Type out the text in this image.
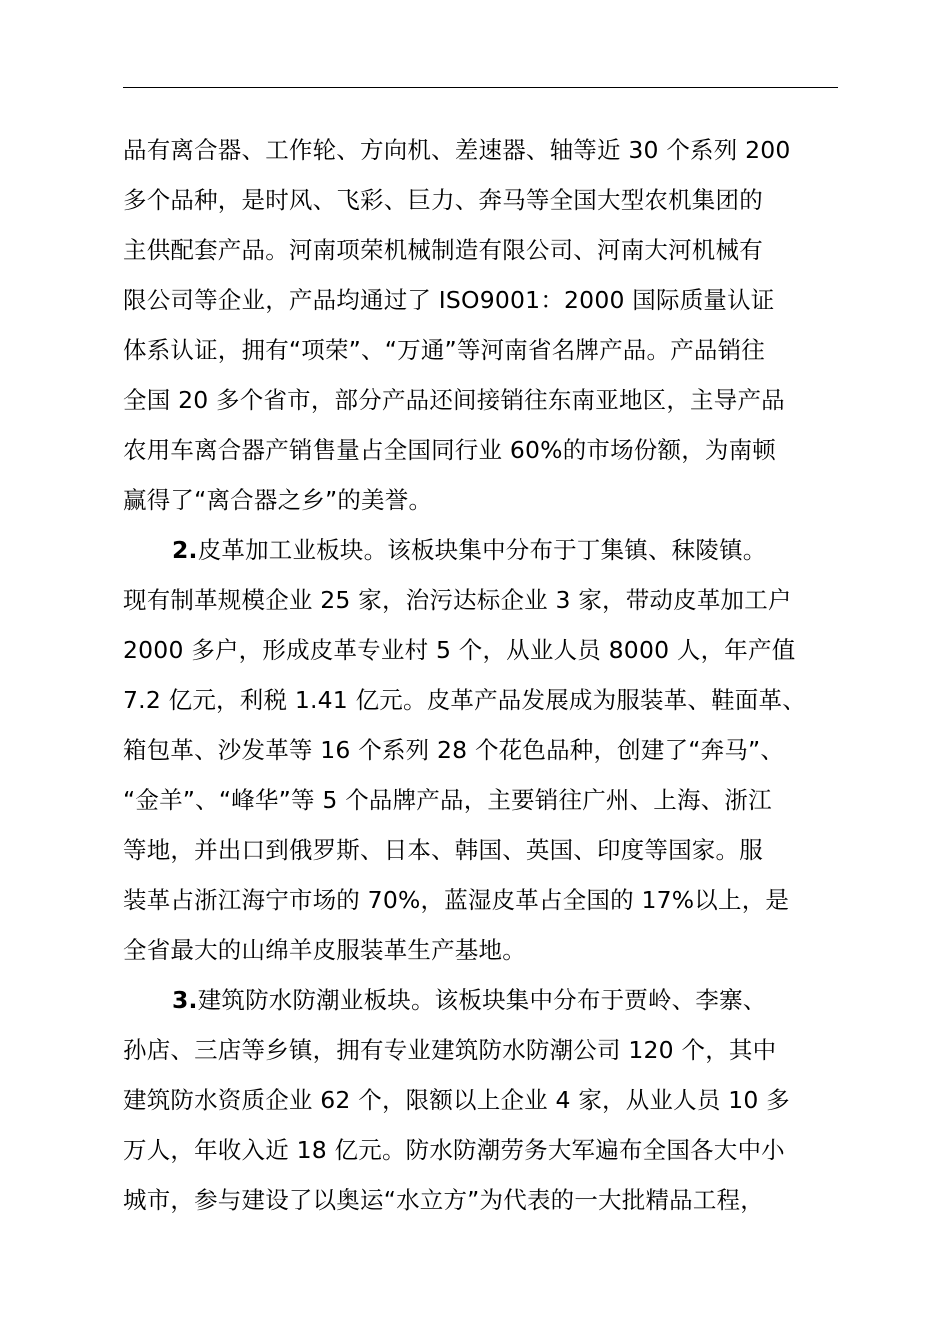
品有离合器、工作轮、方向机、差速器、轴等近 30 个系列 200
多个品种，是时风、飞彩、巨力、奔马等全国大型农机集团的
主供配套产品。河南项荣机械制造有限公司、河南大河机械有
限公司等企业，产品均通过了 ISO9001：2000 国际质量认证
体系认证，拥有“项荣”、“万通”等河南省名牌产品。产品销往
全国 20 多个省市，部分产品还间接销往东南亚地区，主导产品
农用车离合器产销售量占全国同行业 60%的市场份额，为南顿
赢得了“离合器之乡”的美誉。
2.皮革加工业板块。该板块集中分布于丁集镇、秣陵镇。
现有制革规模企业 25 家，治污达标企业 3 家，带动皮革加工户
2000 多户，形成皮革专业村 5 个，从业人员 8000 人，年产值
7.2 亿元，利税 1.41 亿元。皮革产品发展成为服装革、鞋面革、
箱包革、沙发革等 16 个系列 28 个花色品种，创建了“奔马”、
“金羊”、“峰华”等 5 个品牌产品，主要销往广州、上海、浙江
等地，并出口到俄罗斯、日本、韩国、英国、印度等国家。服
装革占浙江海宁市场的 70%，蓝湿皮革占全国的 17%以上，是
全省最大的山绵羊皮服装革生产基地。
3.建筑防水防潮业板块。该板块集中分布于贾岭、李寨、
孙店、三店等乡镇，拥有专业建筑防水防潮公司 120 个，其中
建筑防水资质企业 62 个，限额以上企业 4 家，从业人员 10 多
万人，年收入近 18 亿元。防水防潮劳务大军遍布全国各大中小
城市，参与建设了以奥运“水立方”为代表的一大批精品工程，
